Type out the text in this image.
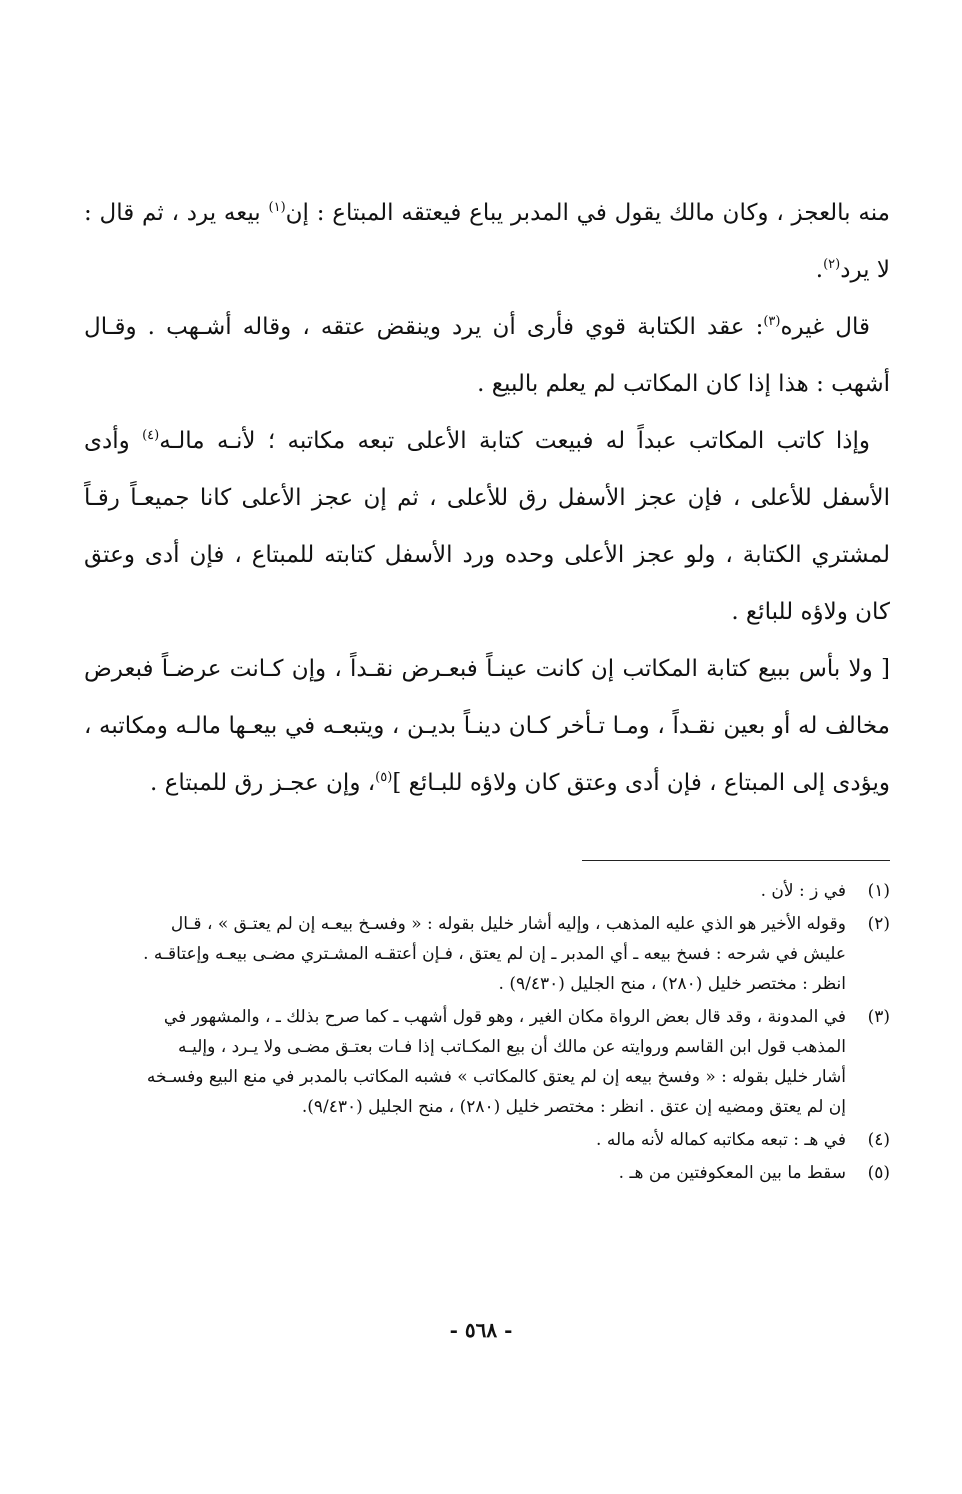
منه بالعجز ، وكان مالك يقول في المدبر يباع فيعتقه المبتاع : إن$^{(١)}$ بيعه يرد ، ثم قال : لا يرد$^{(٢)}$.

قال غيره$^{(٣)}$: عقد الكتابة قوي فأرى أن يرد وينقض عتقه ، وقاله أشـهب . وقـال أشهب : هذا إذا كان المكاتب لم يعلم بالبيع .

وإذا كاتب المكاتب عبداً له فبيعت كتابة الأعلى تبعه مكاتبه ؛ لأنـه مالـه$^{(٤)}$ وأدى الأسفل للأعلى ، فإن عجز الأسفل رق للأعلى ، ثم إن عجز الأعلى كانا جميعـاً رقـاً لمشتري الكتابة ، ولو عجز الأعلى وحده ورد الأسفل كتابته للمبتاع ، فإن أدى وعتق كان ولاؤه للبائع .

[ ولا بأس ببيع كتابة المكاتب إن كانت عينـاً فبعـرض نقـداً ، وإن كـانت عرضـاً فبعرض مخالف له أو بعين نقـداً ، ومـا تـأخر كـان دينـاً بديـن ، ويتبعـه في بيعـها مالـه ومكاتبه ، ويؤدى إلى المبتاع ، فإن أدى وعتق كان ولاؤه للبـائع ]$^{(٥)}$، وإن عجـز رق للمبتاع .

(١)
في ز : لأن .
(٢)
وقوله الأخير هو الذي عليه المذهب ، وإليه أشار خليل بقوله : « وفسـخ بيعـه إن لم يعتـق » ، قـال
عليش في شرحه : فسخ بيعه ـ أي المدبر ـ إن لم يعتق ، فـإن أعتقـه المشـتري مضـى بيعـه وإعتاقـه .
انظر : مختصر خليل (٢٨٠) ، منح الجليل (٩/٤٣٠) .
(٣)
في المدونة ، وقد قال بعض الرواة مكان الغير ، وهو قول أشهب ـ كما صرح بذلك ـ ، والمشهور في
المذهب قول ابن القاسم وروايته عن مالك أن بيع المكـاتب إذا فـات بعتـق مضـى ولا يـرد ، وإليـه
أشار خليل بقوله : « وفسخ بيعه إن لم يعتق كالمكاتب » فشبه المكاتب بالمدبر في منع البيع وفسـخه
إن لم يعتق ومضيه إن عتق . انظر : مختصر خليل (٢٨٠) ، منح الجليل (٩/٤٣٠).
(٤)
في هـ : تبعه مكاتبه كماله لأنه ماله .
(٥)
سقط ما بين المعكوفتين من هـ .
- ٥٦٨ -
